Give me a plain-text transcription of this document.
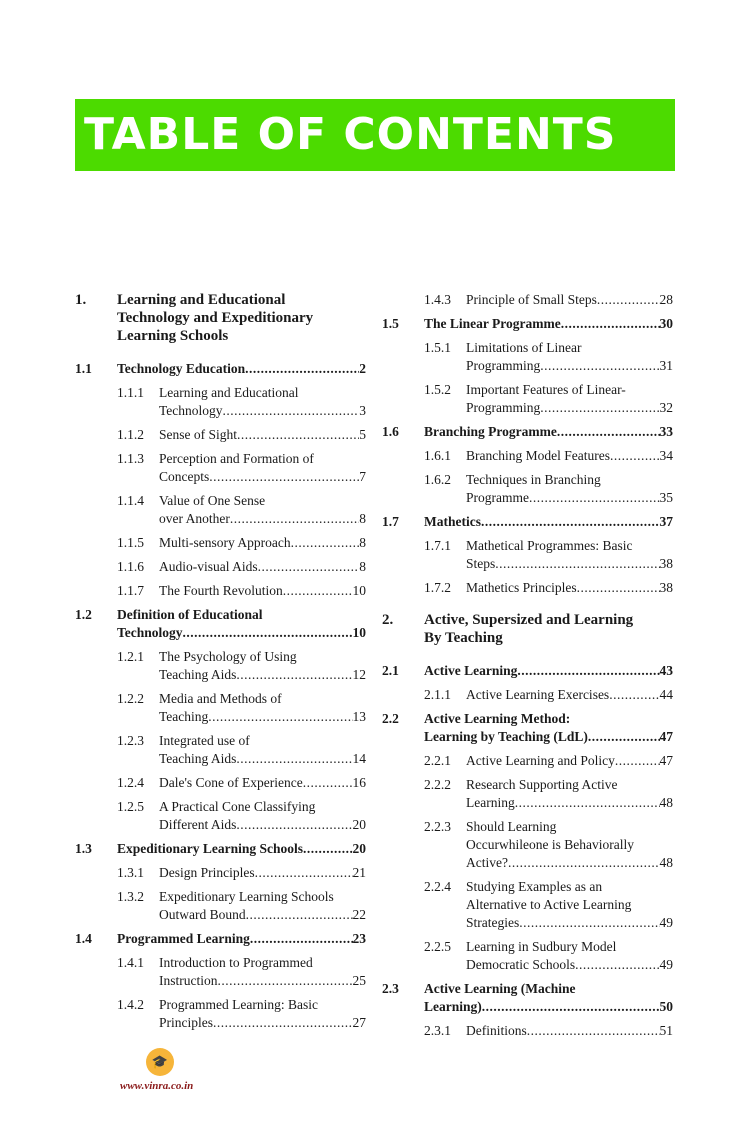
TABLE OF CONTENTS
1.	Learning and Educational
Technology and Expeditionary
Learning Schools
1.1	Technology Education .....	2
1.1.1	Learning and Educational
Technology .....	3
1.1.2	Sense of Sight .....	5
1.1.3	Perception and Formation of
Concepts .....	7
1.1.4	Value of One Sense
over Another .....	8
1.1.5	Multi-sensory Approach .....	8
1.1.6	Audio-visual Aids .....	8
1.1.7	The Fourth Revolution .....	10
1.2	Definition of Educational
Technology .....	10
1.2.1	The Psychology of Using
Teaching Aids .....	12
1.2.2	Media and Methods of
Teaching .....	13
1.2.3	Integrated use of
Teaching Aids .....	14
1.2.4	Dale's Cone of Experience .....	16
1.2.5	A Practical Cone Classifying
Different Aids .....	20
1.3	Expeditionary Learning Schools .....	20
1.3.1	Design Principles .....	21
1.3.2	Expeditionary Learning Schools
Outward Bound .....	22
1.4	Programmed Learning .....	23
1.4.1	Introduction to Programmed
Instruction .....	25
1.4.2	Programmed Learning: Basic
Principles .....	27
1.4.3	Principle of Small Steps .....	28
1.5	The Linear Programme .....	30
1.5.1	Limitations of Linear
Programming .....	31
1.5.2	Important Features of Linear-
Programming .....	32
1.6	Branching Programme .....	33
1.6.1	Branching Model Features .....	34
1.6.2	Techniques in Branching
Programme .....	35
1.7	Mathetics .....	37
1.7.1	Mathetical Programmes: Basic
Steps .....	38
1.7.2	Mathetics Principles .....	38
2.	Active, Supersized and Learning
By Teaching
2.1	Active Learning .....	43
2.1.1	Active Learning Exercises .....	44
2.2	Active Learning Method:
Learning by Teaching (LdL) .....	47
2.2.1	Active Learning and Policy .....	47
2.2.2	Research Supporting Active
Learning .....	48
2.2.3	Should Learning
Occurwhileone is Behaviorally
Active? .....	48
2.2.4	Studying Examples as an
Alternative to Active Learning
Strategies .....	49
2.2.5	Learning in Sudbury Model
Democratic Schools .....	49
2.3	Active Learning (Machine
Learning) .....	50
2.3.1	Definitions .....	51
🎓
www.vinra.co.in
